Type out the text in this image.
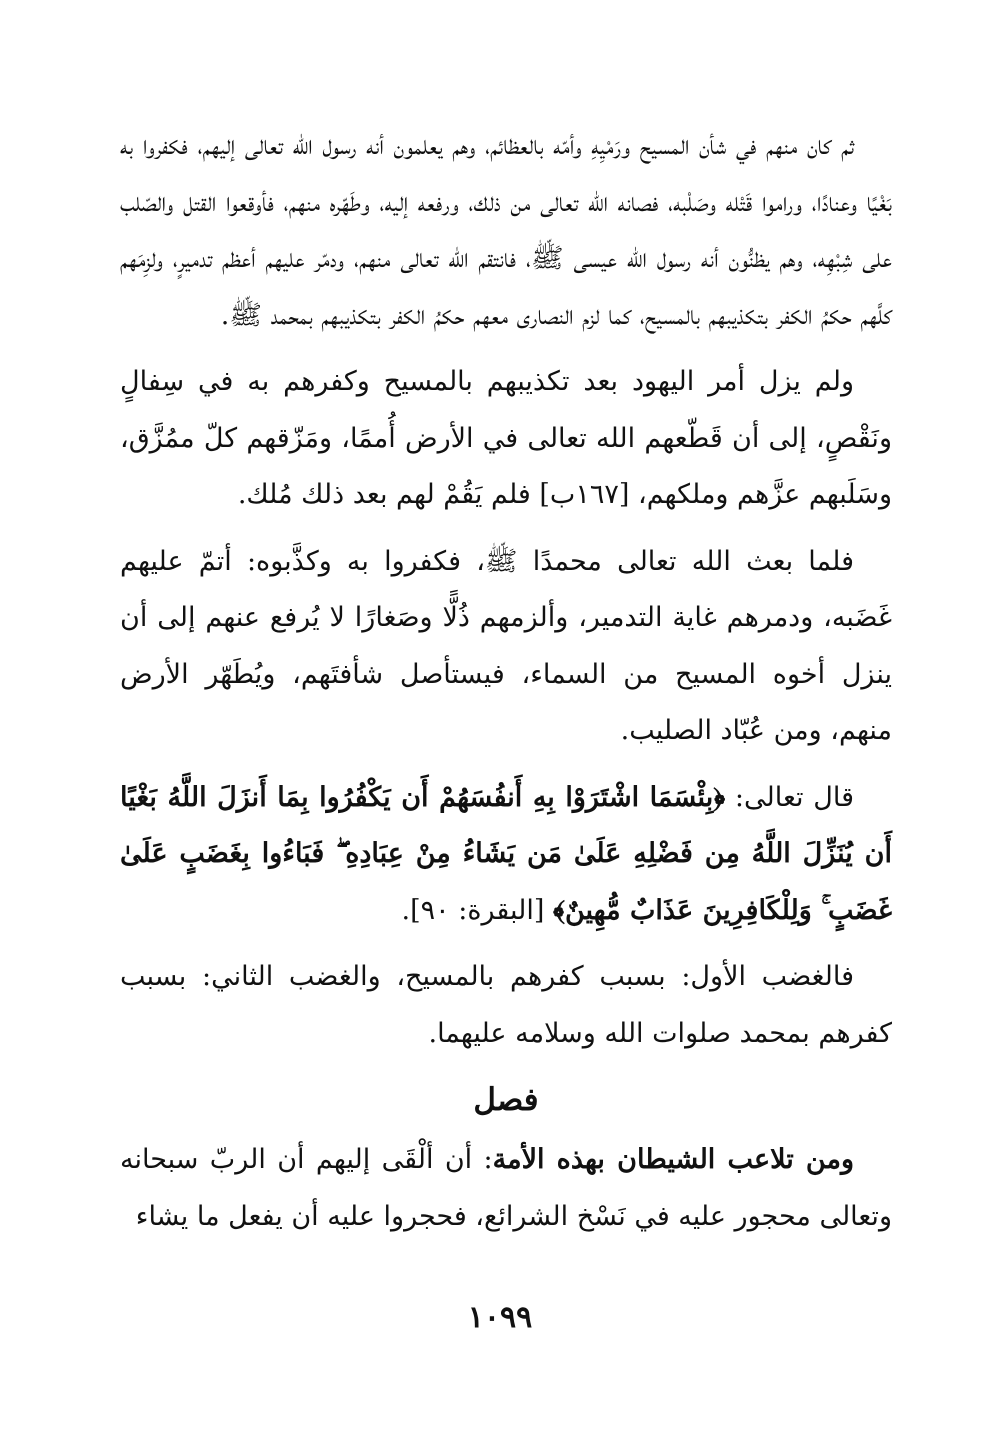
ثم كان منهم في شأن المسيح ورَمْيِهِ وأمّه بالعظائم، وهم يعلمون أنه رسول الله تعالى إليهم، فكفروا به بَغْيًا وعنادًا، وراموا قَتْله وصَلْبه، فصانه الله تعالى من ذلك، ورفعه إليه، وطَهّره منهم، فأوقعوا القتل والصّلب على شِبْهِه، وهم يظنُّون أنه رسول الله عيسى ﷺ، فانتقم الله تعالى منهم، ودمّر عليهم أعظم تدميرٍ، ولزِمَهم كلَّهم حكمُ الكفر بتكذيبهم بالمسيح، كما لزم النصارى معهم حكمُ الكفر بتكذيبهم بمحمد ﷺ.

ولم يزل أمر اليهود بعد تكذيبهم بالمسيح وكفرهم به في سِفالٍ ونَقْصٍ، إلى أن قَطّعهم الله تعالى في الأرض أُممًا، ومَزّقهم كلّ ممُزَّق، وسَلَبهم عزَّهم وملكهم، [١٦٧ب] فلم يَقُمْ لهم بعد ذلك مُلك.

فلما بعث الله تعالى محمدًا ﷺ، فكفروا به وكذَّبوه: أتمّ عليهم غَضَبه، ودمرهم غاية التدمير، وألزمهم ذُلًّا وصَغارًا لا يُرفع عنهم إلى أن ينزل أخوه المسيح من السماء، فيستأصل شأفتَهم، ويُطَهّر الأرض منهم، ومن عُبّاد الصليب.

قال تعالى: ﴿بِئْسَمَا اشْتَرَوْا بِهِ أَنفُسَهُمْ أَن يَكْفُرُوا بِمَا أَنزَلَ اللَّهُ بَغْيًا أَن يُنَزِّلَ اللَّهُ مِن فَضْلِهِ عَلَىٰ مَن يَشَاءُ مِنْ عِبَادِهِ ۖ فَبَاءُوا بِغَضَبٍ عَلَىٰ غَضَبٍ ۚ وَلِلْكَافِرِينَ عَذَابٌ مُّهِينٌ﴾ [البقرة: ٩٠].

فالغضب الأول: بسبب كفرهم بالمسيح، والغضب الثاني: بسبب كفرهم بمحمد صلوات الله وسلامه عليهما.

فصل

ومن تلاعب الشيطان بهذه الأمة: أن ألْقَى إليهم أن الربّ سبحانه وتعالى محجور عليه في نَسْخ الشرائع، فحجروا عليه أن يفعل ما يشاء

١٠٩٩
